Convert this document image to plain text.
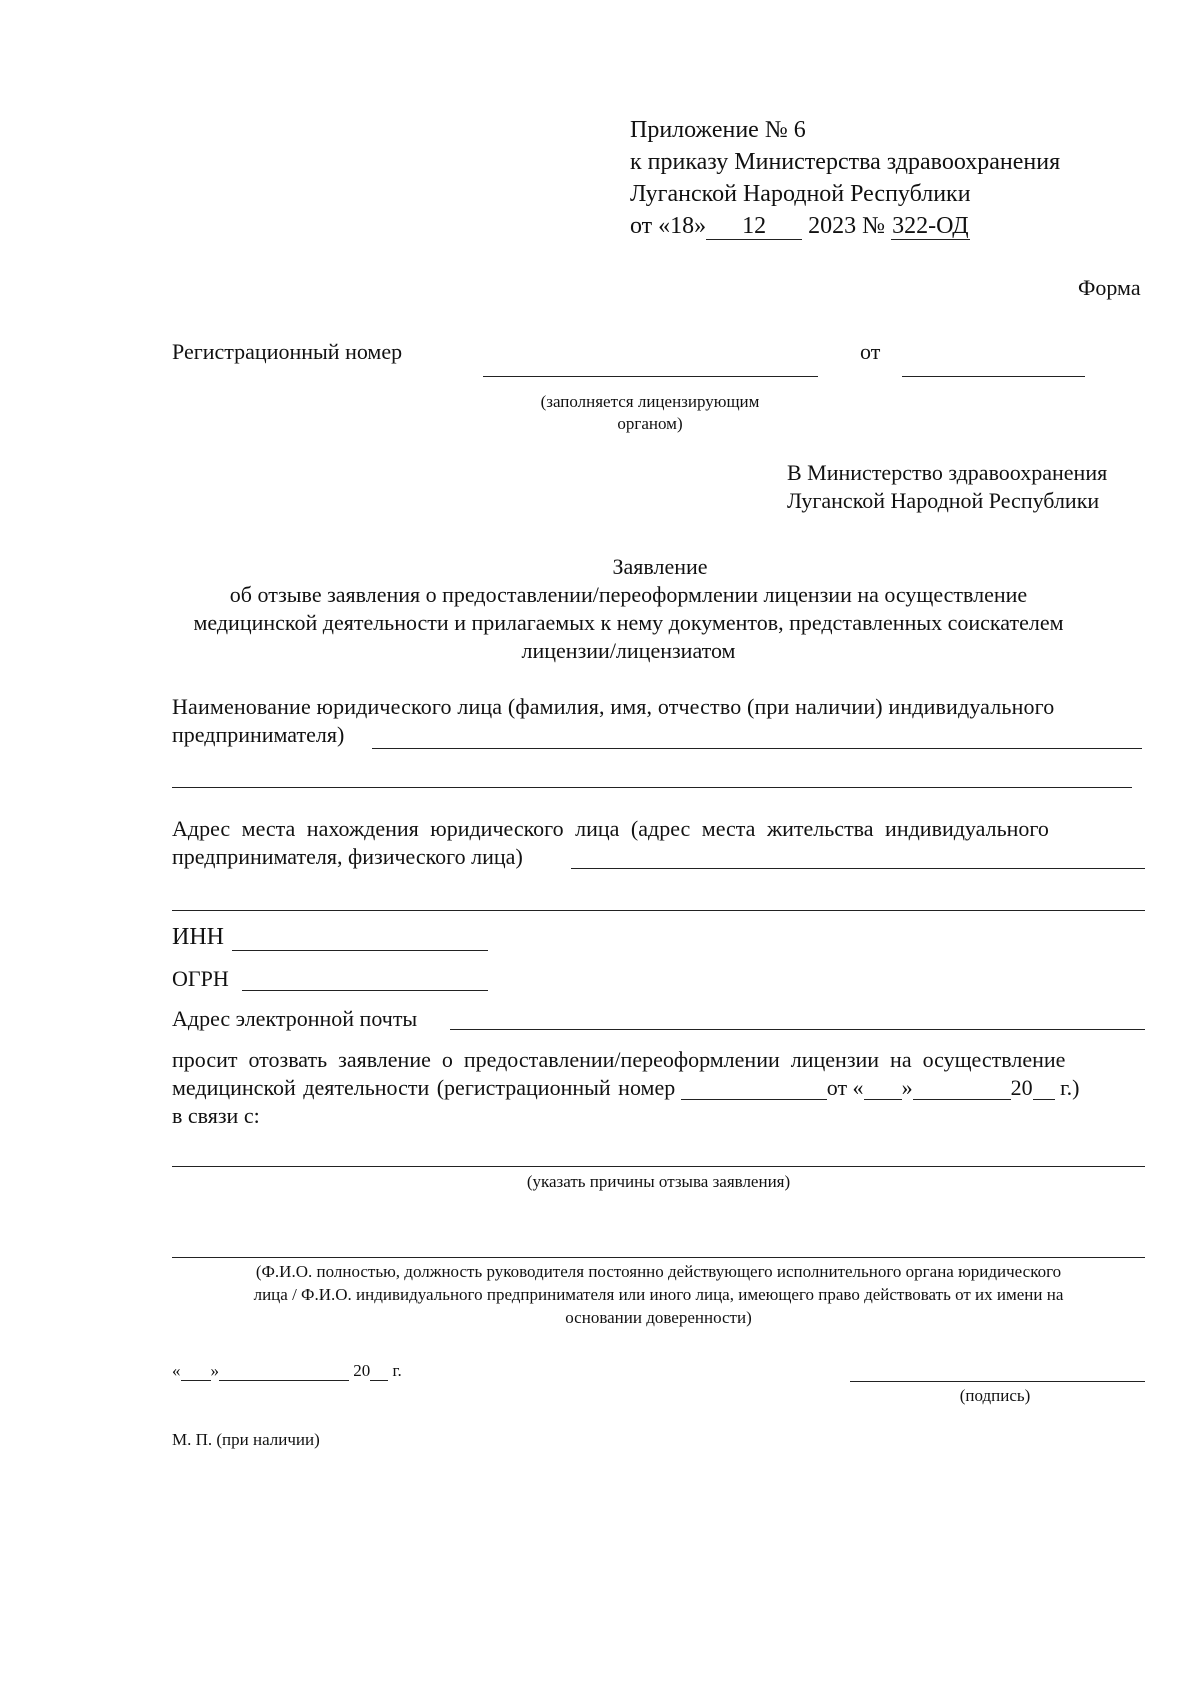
Приложение № 6
к приказу Министерства здравоохранения
Луганской Народной Республики
от «18» 12 2023 № 322-ОД
Форма
Регистрационный номер	от
(заполняется лицензирующим
органом)
В Министерство здравоохранения
Луганской Народной Республики
Заявление
об отзыве заявления о предоставлении/переоформлении лицензии на осуществление
медицинской деятельности и прилагаемых к нему документов, представленных соискателем
лицензии/лицензиатом
Наименование юридического лица (фамилия, имя, отчество (при наличии) индивидуального
предпринимателя)
Адрес места нахождения юридического лица (адрес места жительства индивидуального
предпринимателя, физического лица)
ИНН
ОГРН
Адрес электронной почты
просит отозвать заявление о предоставлении/переоформлении лицензии на осуществление
медицинской деятельности (регистрационный номер	от « »	20 г.)
в связи с:
(указать причины отзыва заявления)
(Ф.И.О. полностью, должность руководителя постоянно действующего исполнительного органа юридического
лица / Ф.И.О. индивидуального предпринимателя или иного лица, имеющего право действовать от их имени на
основании доверенности)
« »	20 г.
(подпись)
М. П. (при наличии)
